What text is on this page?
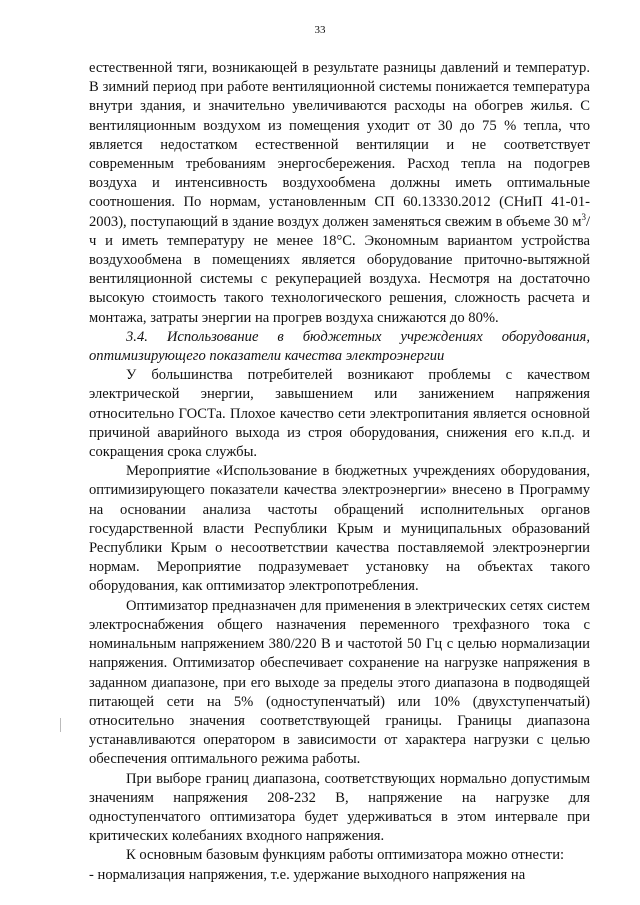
33

естественной тяги, возникающей в результате разницы давлений и температур. В зимний период при работе вентиляционной системы понижается температура внутри здания, и значительно увеличиваются расходы на обогрев жилья. С вентиляционным воздухом из помещения уходит от 30 до 75 % тепла, что является недостатком естественной вентиляции и не соответствует современным требованиям энергосбережения. Расход тепла на подогрев воздуха и интенсивность воздухообмена должны иметь оптимальные соотношения. По нормам, установленным СП 60.13330.2012 (СНиП 41-01-2003), поступающий в здание воздух должен заменяться свежим в объеме 30 $м^3/ч$ и иметь температуру не менее 18°С. Экономным вариантом устройства воздухообмена в помещениях является оборудование приточно-вытяжной вентиляционной системы с рекуперацией воздуха. Несмотря на достаточно высокую стоимость такого технологического решения, сложность расчета и монтажа, затраты энергии на прогрев воздуха снижаются до 80%.

3.4. Использование в бюджетных учреждениях оборудования, оптимизирующего показатели качества электроэнергии

У большинства потребителей возникают проблемы с качеством электрической энергии, завышением или занижением напряжения относительно ГОСТа. Плохое качество сети электропитания является основной причиной аварийного выхода из строя оборудования, снижения его к.п.д. и сокращения срока службы.

Мероприятие «Использование в бюджетных учреждениях оборудования, оптимизирующего показатели качества электроэнергии» внесено в Программу на основании анализа частоты обращений исполнительных органов государственной власти Республики Крым и муниципальных образований Республики Крым о несоответствии качества поставляемой электроэнергии нормам. Мероприятие подразумевает установку на объектах такого оборудования, как оптимизатор электропотребления.

Оптимизатор предназначен для применения в электрических сетях систем электроснабжения общего назначения переменного трехфазного тока с номинальным напряжением 380/220 В и частотой 50 Гц с целью нормализации напряжения. Оптимизатор обеспечивает сохранение на нагрузке напряжения в заданном диапазоне, при его выходе за пределы этого диапазона в подводящей питающей сети на 5% (одноступенчатый) или 10% (двухступенчатый) относительно значения соответствующей границы. Границы диапазона устанавливаются оператором в зависимости от характера нагрузки с целью обеспечения оптимального режима работы.

При выборе границ диапазона, соответствующих нормально допустимым значениям напряжения 208-232 В, напряжение на нагрузке для одноступенчатого оптимизатора будет удерживаться в этом интервале при критических колебаниях входного напряжения.

К основным базовым функциям работы оптимизатора можно отнести:

- нормализация напряжения, т.е. удержание выходного напряжения на
